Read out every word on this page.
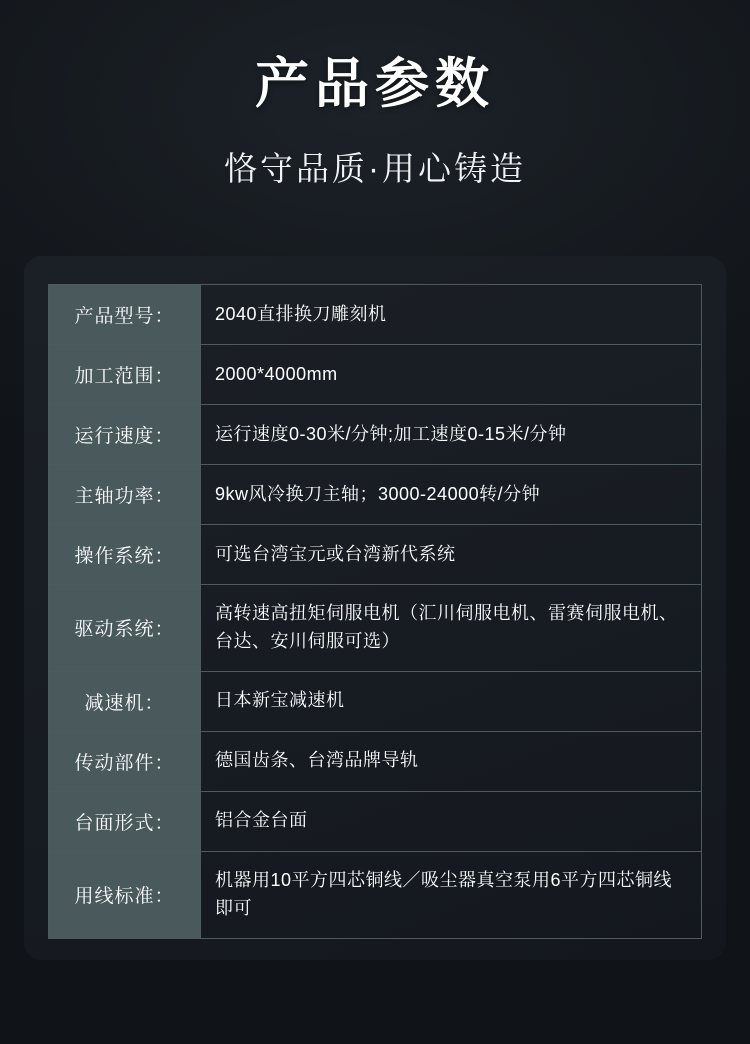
产品参数
恪守品质·用心铸造
产品型号：	2040直排换刀雕刻机
加工范围：	2000*4000mm
运行速度：	运行速度0-30米/分钟;加工速度0-15米/分钟
主轴功率：	9kw风冷换刀主轴；3000-24000转/分钟
操作系统：	可选台湾宝元或台湾新代系统
驱动系统：	高转速高扭矩伺服电机（汇川伺服电机、雷赛伺服电机、台达、安川伺服可选）
减速机：	日本新宝减速机
传动部件：	德国齿条、台湾品牌导轨
台面形式：	铝合金台面
用线标准：	机器用10平方四芯铜线／吸尘器真空泵用6平方四芯铜线即可
